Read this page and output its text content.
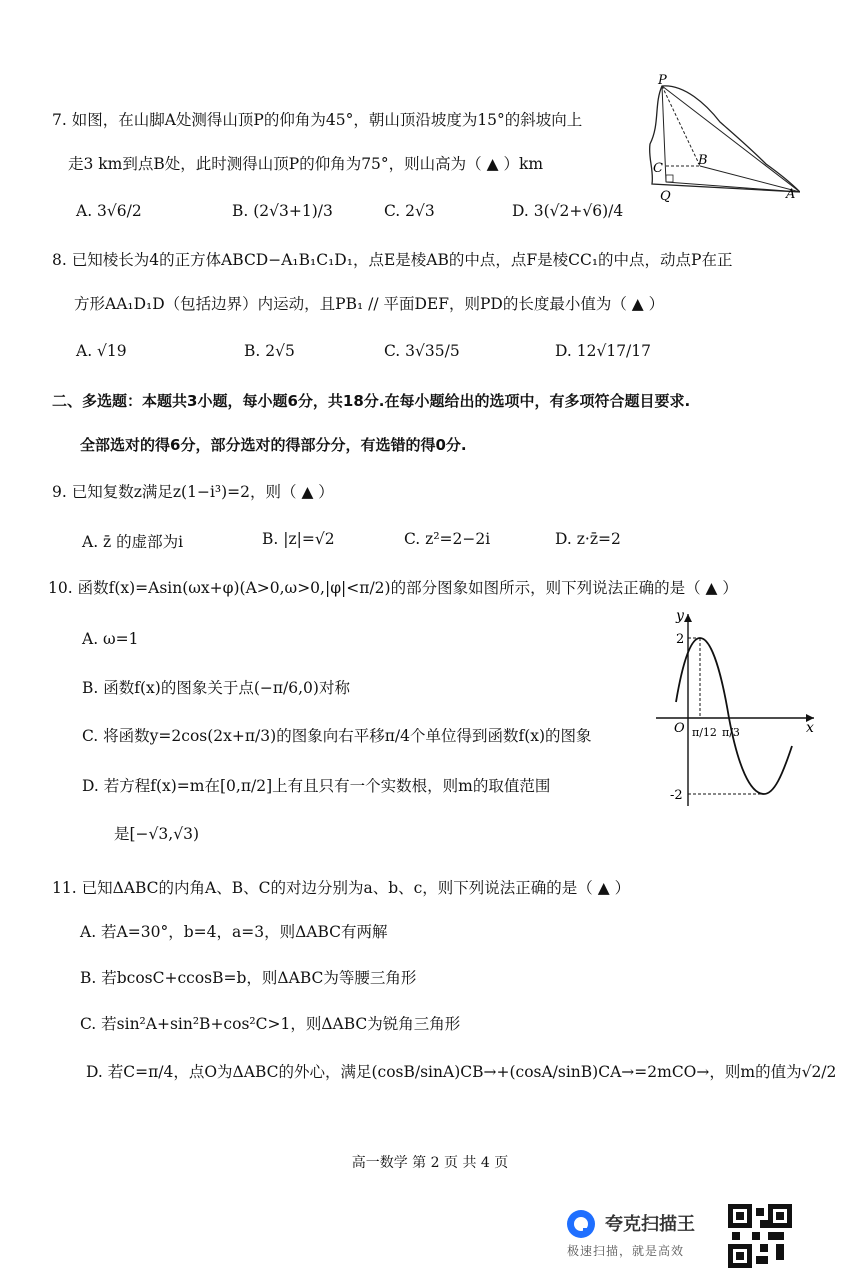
7. 如图，在山脚A处测得山顶P的仰角为45°，朝山顶沿坡度为15°的斜坡向上
走3 km到点B处，此时测得山顶P的仰角为75°，则山高为（ ▲ ）km
A. 3√6/2	B. (2√3+1)/3	C. 2√3	D. 3(√2+√6)/4
P
B
C
Q	A
8. 已知棱长为4的正方体ABCD−A₁B₁C₁D₁，点E是棱AB的中点，点F是棱CC₁的中点，动点P在正
方形AA₁D₁D（包括边界）内运动，且PB₁ // 平面DEF，则PD的长度最小值为（ ▲ ）
A. √19	B. 2√5	C. 3√35/5	D. 12√17/17
二、多选题：本题共3小题，每小题6分，共18分.在每小题给出的选项中，有多项符合题目要求.
全部选对的得6分，部分选对的得部分分，有选错的得0分.
9. 已知复数z满足z(1−i³)=2，则（ ▲ ）
A. z̄ 的虚部为i	B. |z|=√2	C. z²=2−2i	D. z·z̄=2
10. 函数f(x)=Asin(ωx+φ)(A>0,ω>0,|φ|<π/2)的部分图象如图所示，则下列说法正确的是（ ▲ ）
A. ω=1
B. 函数f(x)的图象关于点(−π/6,0)对称
C. 将函数y=2cos(2x+π/3)的图象向右平移π/4个单位得到函数f(x)的图象
D. 若方程f(x)=m在[0,π/2]上有且只有一个实数根，则m的取值范围
是[−√3,√3)
y
x
O
2
-2
π/12 π/3
11. 已知ΔABC的内角A、B、C的对边分别为a、b、c，则下列说法正确的是（ ▲ ）
A. 若A=30°，b=4，a=3，则ΔABC有两解
B. 若bcosC+ccosB=b，则ΔABC为等腰三角形
C. 若sin²A+sin²B+cos²C>1，则ΔABC为锐角三角形
D. 若C=π/4，点O为ΔABC的外心，满足(cosB/sinA)CB→+(cosA/sinB)CA→=2mCO→，则m的值为√2/2
高一数学 第 2 页 共 4 页
夸克扫描王
极速扫描，就是高效
